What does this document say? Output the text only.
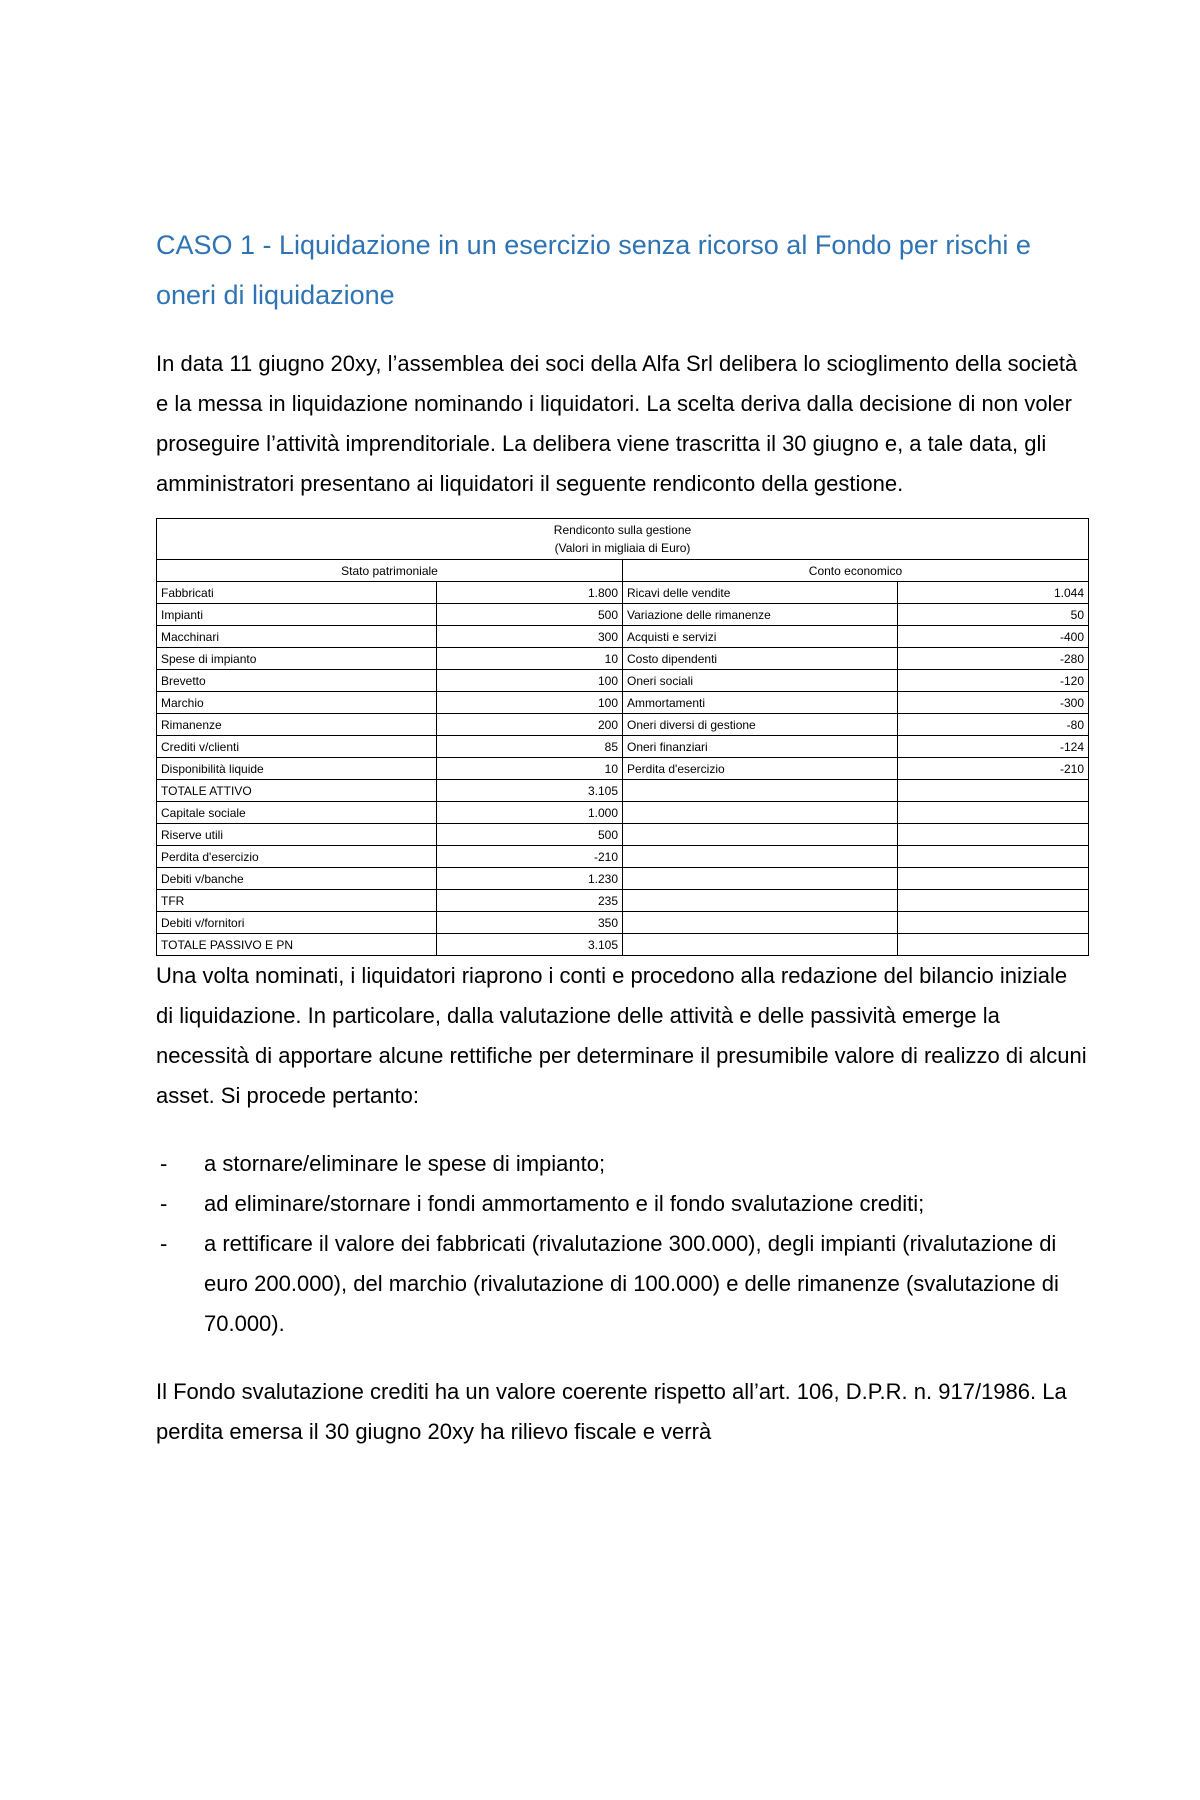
CASO 1 - Liquidazione in un esercizio senza ricorso al Fondo per rischi e oneri di liquidazione

In data 11 giugno 20xy, l’assemblea dei soci della Alfa Srl delibera lo scioglimento della società e la messa in liquidazione nominando i liquidatori. La scelta deriva dalla decisione di non voler proseguire l’attività imprenditoriale. La delibera viene trascritta il 30 giugno e, a tale data, gli amministratori presentano ai liquidatori il seguente rendiconto della gestione.

Rendiconto sulla gestione
(Valori in migliaia di Euro)			

Stato patrimoniale		Conto economico	
Fabbricati	1.800	Ricavi delle vendite	1.044
Impianti	500	Variazione delle rimanenze	50
Macchinari	300	Acquisti e servizi	-400
Spese di impianto	10	Costo dipendenti	-280
Brevetto	100	Oneri sociali	-120
Marchio	100	Ammortamenti	-300
Rimanenze	200	Oneri diversi di gestione	-80
Crediti v/clienti	85	Oneri finanziari	-124
Disponibilità liquide	10	Perdita d'esercizio	-210
TOTALE ATTIVO	3.105		
Capitale sociale	1.000		
Riserve utili	500		
Perdita d'esercizio	-210		
Debiti v/banche	1.230		
TFR	235		
Debiti v/fornitori	350		
TOTALE PASSIVO E PN	3.105		

Una volta nominati, i liquidatori riaprono i conti e procedono alla redazione del bilancio iniziale di liquidazione. In particolare, dalla valutazione delle attività e delle passività emerge la necessità di apportare alcune rettifiche per determinare il presumibile valore di realizzo di alcuni asset. Si procede pertanto:

- a stornare/eliminare le spese di impianto;
- ad eliminare/stornare i fondi ammortamento e il fondo svalutazione crediti;
- a rettificare il valore dei fabbricati (rivalutazione 300.000), degli impianti (rivalutazione di euro 200.000), del marchio (rivalutazione di 100.000) e delle rimanenze (svalutazione di 70.000).

Il Fondo svalutazione crediti ha un valore coerente rispetto all’art. 106, D.P.R. n. 917/1986. La perdita emersa il 30 giugno 20xy ha rilievo fiscale e verrà
